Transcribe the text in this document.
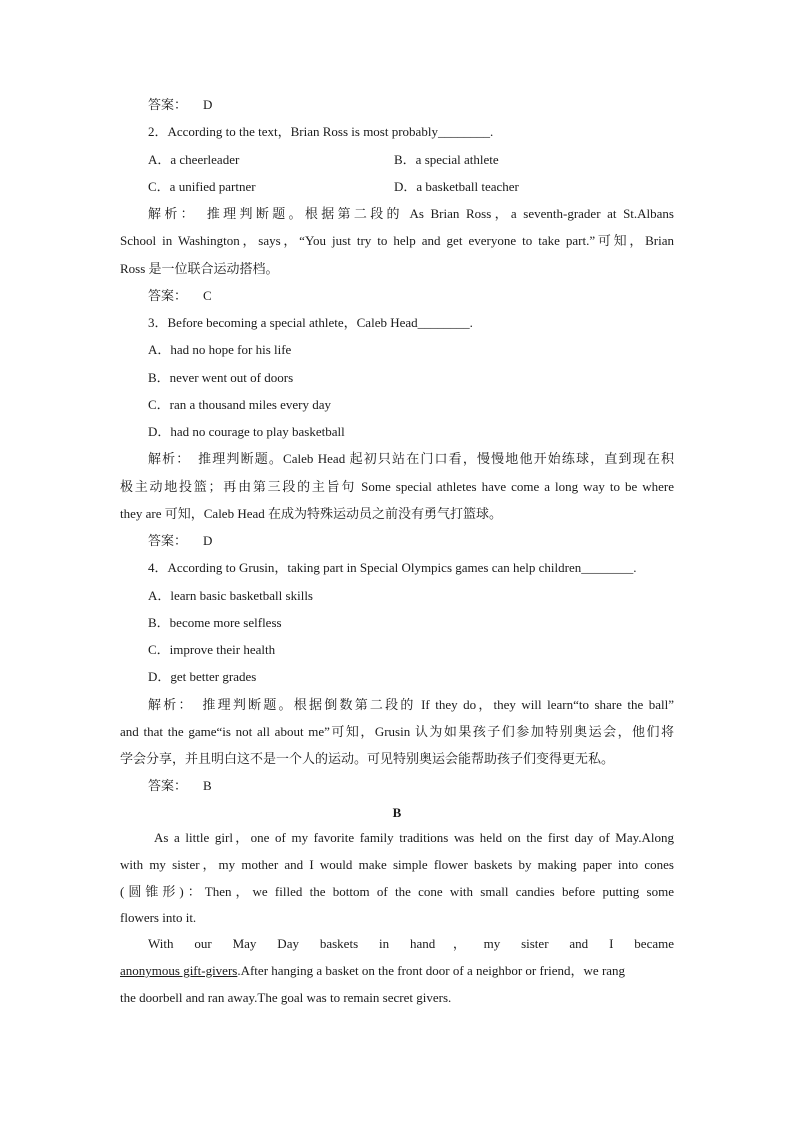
答案： D
2．According to the text，Brian Ross is most probably________.
A．a cheerleader	B．a special athlete
C．a unified partner	D．a basketball teacher
解析：　推理判断题。根据第二段的 As Brian Ross，a seventh-grader at St.Albans
School in Washington，says，“You just try to help and get everyone to take part.”可知，Brian
Ross 是一位联合运动搭档。
答案： C
3．Before becoming a special athlete，Caleb Head________.
A．had no hope for his life
B．never went out of doors
C．ran a thousand miles every day
D．had no courage to play basketball
解析：　推理判断题。Caleb Head 起初只站在门口看，慢慢地他开始练球，直到现在积
极主动地投篮；再由第三段的主旨句 Some special athletes have come a long way to be where
they are 可知，Caleb Head 在成为特殊运动员之前没有勇气打篮球。
答案： D
4．According to Grusin，taking part in Special Olympics games can help children________.
A．learn basic basketball skills
B．become more selfless
C．improve their health
D．get better grades
解析：　推理判断题。根据倒数第二段的 If they do，they will learn“to share the ball”
and that the game“is not all about me”可知，Grusin 认为如果孩子们参加特别奥运会，他们将
学会分享，并且明白这不是一个人的运动。可见特别奥运会能帮助孩子们变得更无私。
答案： B
B
As a little girl，one of my favorite family traditions was held on the first day of May.Along
with my sister，my mother and I would make simple flower baskets by making paper into cones
(圆锥形)：Then，we filled the bottom of the cone with small candies before putting some
flowers into it.
With our May Day baskets in hand，my sister and I became
anonymous gift-givers.After hanging a basket on the front door of a neighbor or friend，we rang
the doorbell and ran away.The goal was to remain secret givers.
